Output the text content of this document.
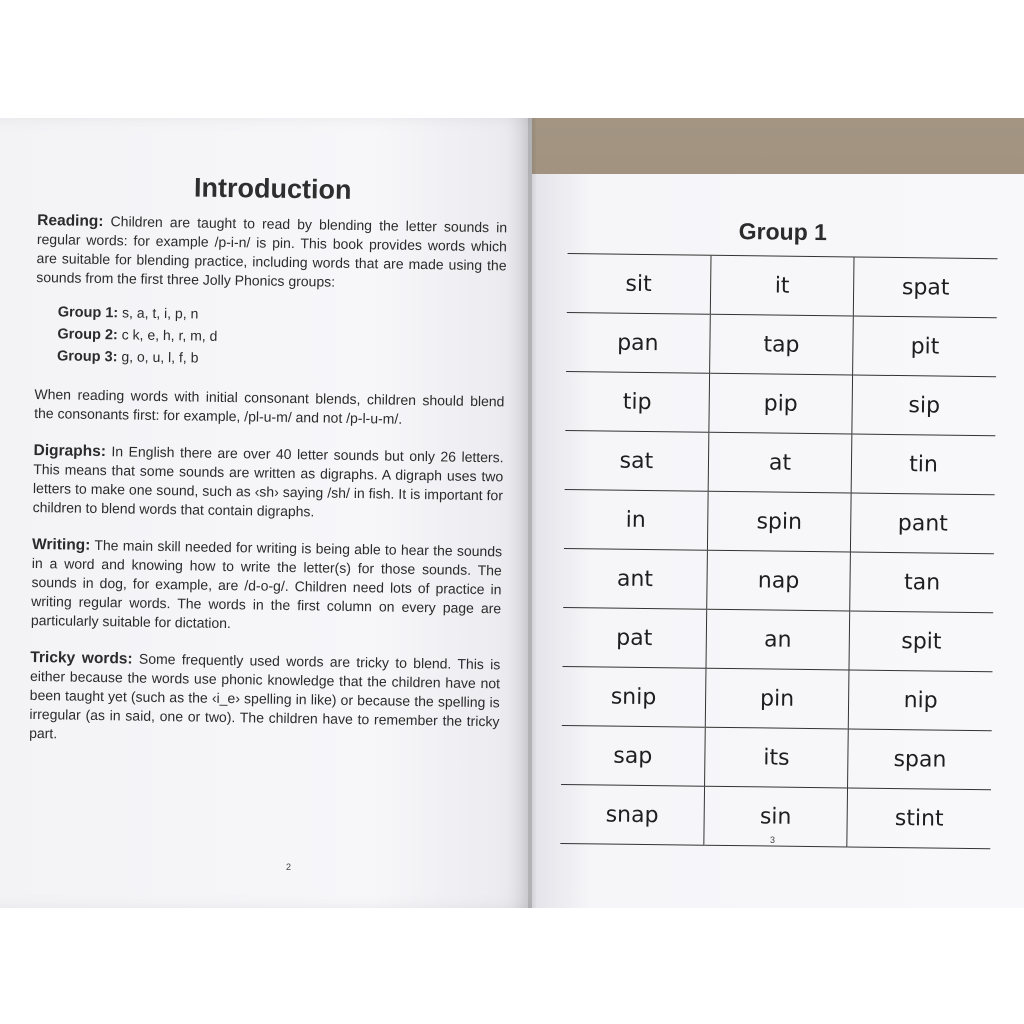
Introduction

Reading: Children are taught to read by blending the letter sounds in regular words: for example /p-i-n/ is pin. This book provides words which are suitable for blending practice, including words that are made using the sounds from the first three Jolly Phonics groups:

Group 1: s, a, t, i, p, n
Group 2: c k, e, h, r, m, d
Group 3: g, o, u, l, f, b

When reading words with initial consonant blends, children should blend the consonants first: for example, /pl-u-m/ and not /p-l-u-m/.

Digraphs: In English there are over 40 letter sounds but only 26 letters. This means that some sounds are written as digraphs. A digraph uses two letters to make one sound, such as ‹sh› saying /sh/ in fish. It is important for children to blend words that contain digraphs.

Writing: The main skill needed for writing is being able to hear the sounds in a word and knowing how to write the letter(s) for those sounds. The sounds in dog, for example, are /d-o-g/. Children need lots of practice in writing regular words. The words in the first column on every page are particularly suitable for dictation.

Tricky words: Some frequently used words are tricky to blend. This is either because the words use phonic knowledge that the children have not been taught yet (such as the ‹i_e› spelling in like) or because the spelling is irregular (as in said, one or two). The children have to remember the tricky part.

2
Group 1
sit	it	spat
pan	tap	pit
tip	pip	sip
sat	at	tin
in	spin	pant
ant	nap	tan
pat	an	spit
snip	pin	nip
sap	its	span
snap	sin	stint
3
